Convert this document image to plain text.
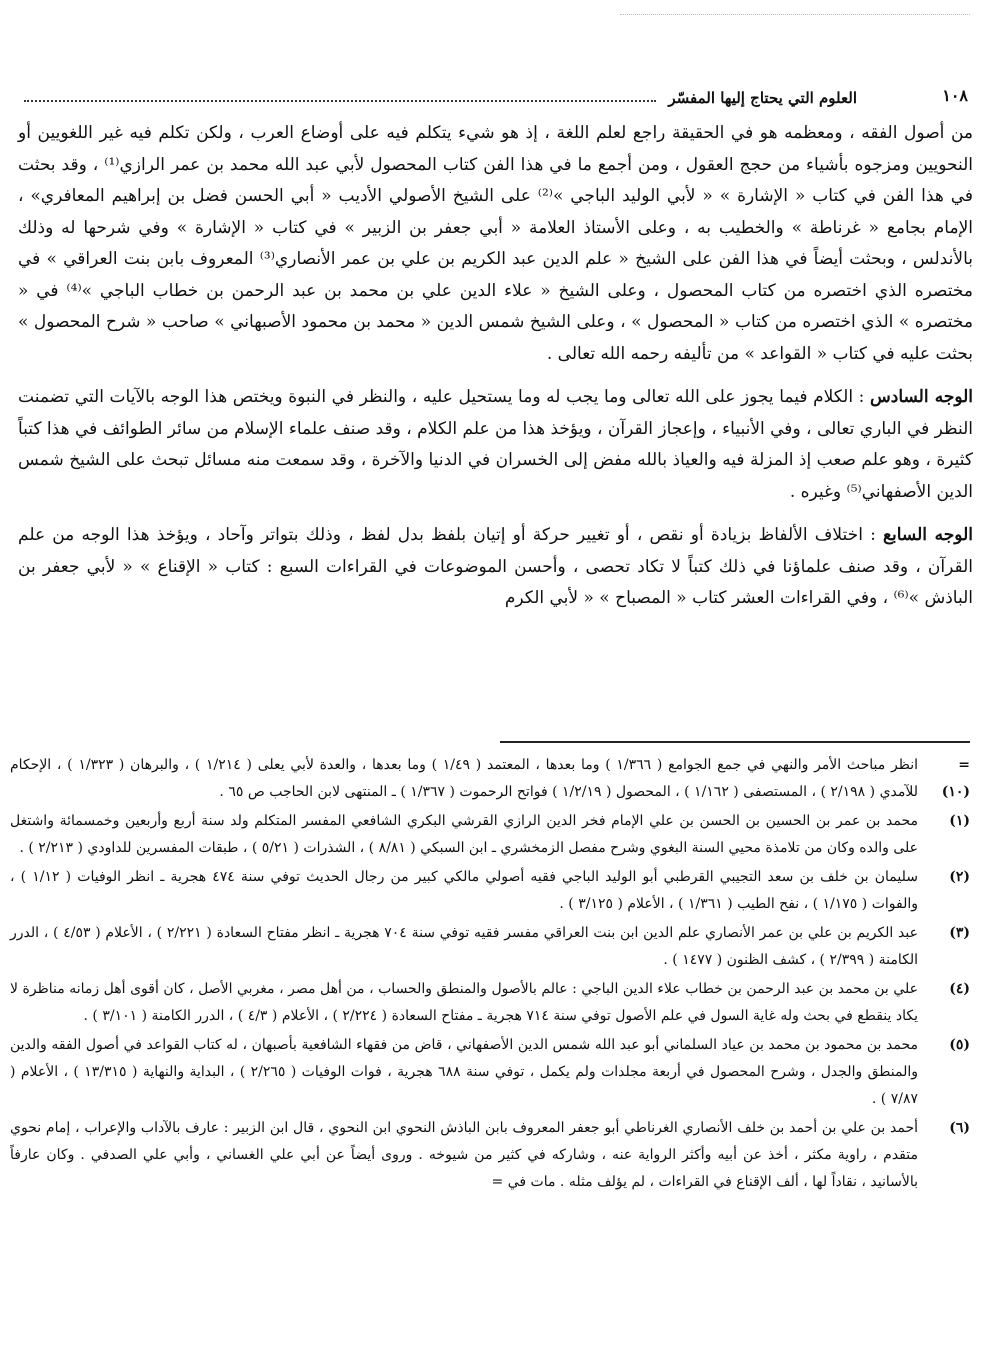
١٠٨
العلوم التي يحتاج إليها المفسّر

من أصول الفقه ، ومعظمه هو في الحقيقة راجع لعلم اللغة ، إذ هو شيء يتكلم فيه على أوضاع العرب ، ولكن تكلم فيه غير اللغويين أو النحويين ومزجوه بأشياء من حجج العقول ، ومن أجمع ما في هذا الفن كتاب المحصول لأبي عبد الله محمد بن عمر الرازي⁽¹⁾ ، وقد بحثت في هذا الفن في كتاب « الإشارة » « لأبي الوليد الباجي »⁽²⁾ على الشيخ الأصولي الأديب « أبي الحسن فضل بن إبراهيم المعافري» ، الإمام بجامع « غرناطة » والخطيب به ، وعلى الأستاذ العلامة « أبي جعفر بن الزبير » في كتاب « الإشارة » وفي شرحها له وذلك بالأندلس ، وبحثت أيضاً في هذا الفن على الشيخ « علم الدين عبد الكريم بن علي بن عمر الأنصاري⁽³⁾ المعروف بابن بنت العراقي » في مختصره الذي اختصره من كتاب المحصول ، وعلى الشيخ « علاء الدين علي بن محمد بن عبد الرحمن بن خطاب الباجي »⁽⁴⁾ في « مختصره » الذي اختصره من كتاب « المحصول » ، وعلى الشيخ شمس الدين « محمد بن محمود الأصبهاني » صاحب « شرح المحصول » بحثت عليه في كتاب « القواعد » من تأليفه رحمه الله تعالى .

الوجه السادس : الكلام فيما يجوز على الله تعالى وما يجب له وما يستحيل عليه ، والنظر في النبوة ويختص هذا الوجه بالآيات التي تضمنت النظر في الباري تعالى ، وفي الأنبياء ، وإعجاز القرآن ، ويؤخذ هذا من علم الكلام ، وقد صنف علماء الإسلام من سائر الطوائف في هذا كتباً كثيرة ، وهو علم صعب إذ المزلة فيه والعياذ بالله مفض إلى الخسران في الدنيا والآخرة ، وقد سمعت منه مسائل تبحث على الشيخ شمس الدين الأصفهاني⁽⁵⁾ وغيره .

الوجه السابع : اختلاف الألفاظ بزيادة أو نقص ، أو تغيير حركة أو إتيان بلفظ بدل لفظ ، وذلك بتواتر وآحاد ، ويؤخذ هذا الوجه من علم القرآن ، وقد صنف علماؤنا في ذلك كتباً لا تكاد تحصى ، وأحسن الموضوعات في القراءات السبع : كتاب « الإقناع » « لأبي جعفر بن الباذش »⁽⁶⁾ ، وفي القراءات العشر كتاب « المصباح » « لأبي الكرم

= (١٠)
انظر مباحث الأمر والنهي في جمع الجوامع ( ١/٣٦٦ ) وما بعدها ، المعتمد ( ١/٤٩ ) وما بعدها ، والعدة لأبي يعلى ( ١/٢١٤ ) ، والبرهان ( ١/٣٢٣ ) ، الإحكام للآمدي ( ٢/١٩٨ ) ، المستصفى ( ١/١٦٢ ) ، المحصول ( ١/٢/١٩ ) فواتح الرحموت ( ١/٣٦٧ ) ـ المنتهى لابن الحاجب ص ٦٥ .
(١)
محمد بن عمر بن الحسين بن الحسن بن علي الإمام فخر الدين الرازي القرشي البكري الشافعي المفسر المتكلم ولد سنة أربع وأربعين وخمسمائة واشتغل على والده وكان من تلامذة محيي السنة البغوي وشرح مفصل الزمخشري ـ ابن السبكي ( ٨/٨١ ) ، الشذرات ( ٥/٢١ ) ، طبقات المفسرين للداودي ( ٢/٢١٣ ) .
(٢)
سليمان بن خلف بن سعد التجيبي القرطبي أبو الوليد الباجي فقيه أصولي مالكي كبير من رجال الحديث توفي سنة ٤٧٤ هجرية ـ انظر الوفيات ( ١/١٢ ) ، والفوات ( ١/١٧٥ ) ، نفح الطيب ( ١/٣٦١ ) ، الأعلام ( ٣/١٢٥ ) .
(٣)
عبد الكريم بن علي بن عمر الأنصاري علم الدين ابن بنت العراقي مفسر فقيه توفي سنة ٧٠٤ هجرية ـ انظر مفتاح السعادة ( ٢/٢٢١ ) ، الأعلام ( ٤/٥٣ ) ، الدرر الكامنة ( ٢/٣٩٩ ) ، كشف الظنون ( ١٤٧٧ ) .
(٤)
علي بن محمد بن عبد الرحمن بن خطاب علاء الدين الباجي : عالم بالأصول والمنطق والحساب ، من أهل مصر ، مغربي الأصل ، كان أقوى أهل زمانه مناظرة لا يكاد ينقطع في بحث وله غاية السول في علم الأصول توفي سنة ٧١٤ هجرية ـ مفتاح السعادة ( ٢/٢٢٤ ) ، الأعلام ( ٤/٣ ) ، الدرر الكامنة ( ٣/١٠١ ) .
(٥)
محمد بن محمود بن محمد بن عياد السلماني أبو عبد الله شمس الدين الأصفهاني ، قاض من فقهاء الشافعية بأصبهان ، له كتاب القواعد في أصول الفقه والدين والمنطق والجدل ، وشرح المحصول في أربعة مجلدات ولم يكمل ، توفي سنة ٦٨٨ هجرية ، فوات الوفيات ( ٢/٢٦٥ ) ، البداية والنهاية ( ١٣/٣١٥ ) ، الأعلام ( ٧/٨٧ ) .
(٦)
أحمد بن علي بن أحمد بن خلف الأنصاري الغرناطي أبو جعفر المعروف بابن الباذش النحوي ابن النحوي ، قال ابن الزبير : عارف بالآداب والإعراب ، إمام نحوي متقدم ، راوية مكثر ، أخذ عن أبيه وأكثر الرواية عنه ، وشاركه في كثير من شيوخه . وروى أيضاً عن أبي علي الغساني ، وأبي علي الصدفي . وكان عارفاً بالأسانيد ، نقاداً لها ، ألف الإقناع في القراءات ، لم يؤلف مثله . مات في =
